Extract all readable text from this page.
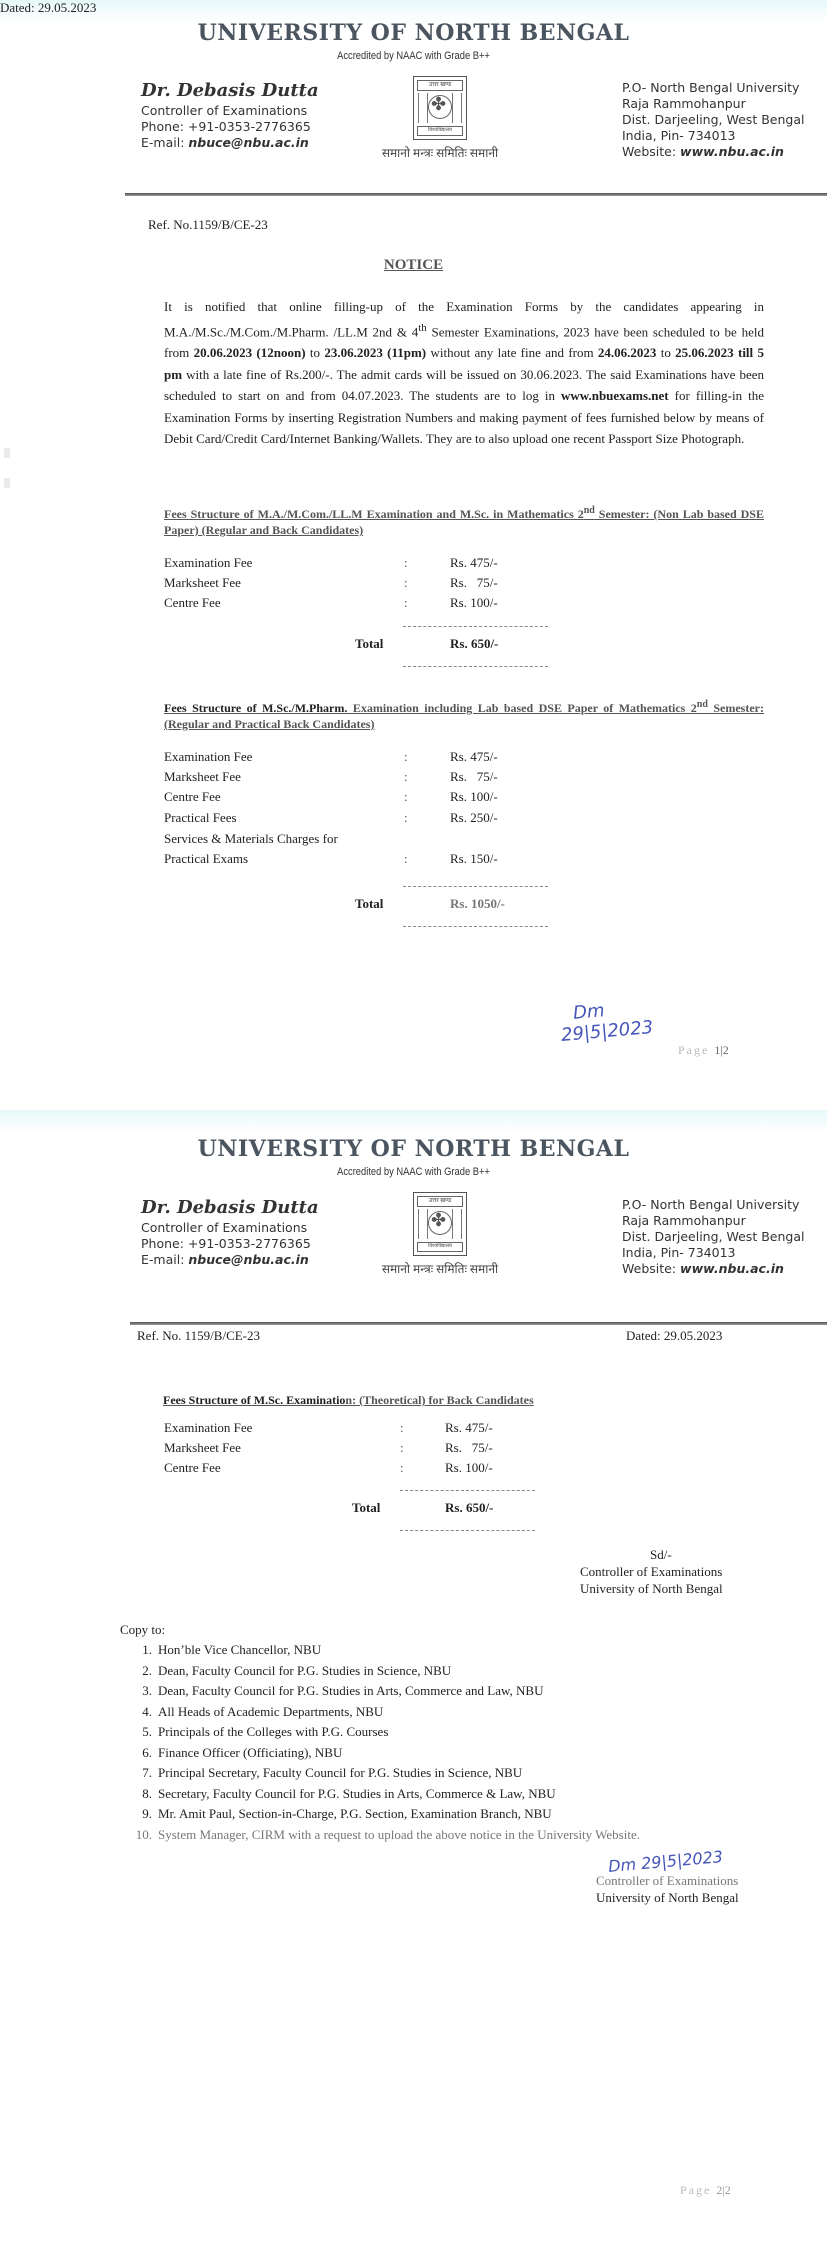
UNIVERSITY OF NORTH BENGAL
Accredited by NAAC with Grade B++
Dr. Debasis Dutta
Controller of Examinations
Phone: +91-0353-2776365
E-mail: nbuce@nbu.ac.in
उत्तर खण्ड
✤
विश्वविद्यालय
समानो मन्त्रः समितिः समानी
P.O- North Bengal University
Raja Rammohanpur
Dist. Darjeeling, West Bengal
India, Pin- 734013
Website: www.nbu.ac.in
Ref. No.1159/B/CE-23
Dated: 29.05.2023
NOTICE
It is notified that online filling-up of the Examination Forms by the candidates appearing in M.A./M.Sc./M.Com./M.Pharm. /LL.M 2nd & 4th Semester Examinations, 2023 have been scheduled to be held from 20.06.2023 (12noon) to 23.06.2023 (11pm) without any late fine and from 24.06.2023 to 25.06.2023 till 5 pm with a late fine of Rs.200/-. The admit cards will be issued on 30.06.2023. The said Examinations have been scheduled to start on and from 04.07.2023. The students are to log in www.nbuexams.net for filling-in the Examination Forms by inserting Registration Numbers and making payment of fees furnished below by means of Debit Card/Credit Card/Internet Banking/Wallets. They are to also upload one recent Passport Size Photograph.
Fees Structure of M.A./M.Com./LL.M Examination and M.Sc. in Mathematics 2nd Semester: (Non Lab based DSE Paper) (Regular and Back Candidates)
Examination Fee	:	Rs. 475/-
Marksheet Fee	:	Rs.   75/-
Centre Fee	:	Rs. 100/-
Total	Rs. 650/-
Fees Structure of M.Sc./M.Pharm. Examination including Lab based DSE Paper of Mathematics 2nd Semester: (Regular and Practical Back Candidates)
Examination Fee	:	Rs. 475/-
Marksheet Fee	:	Rs.   75/-
Centre Fee	:	Rs. 100/-
Practical Fees	:	Rs. 250/-
Services & Materials Charges for
Practical Exams	:	Rs. 150/-
Total	Rs. 1050/-
Dm
29|5|2023
Page 1|2
UNIVERSITY OF NORTH BENGAL
Accredited by NAAC with Grade B++
Dr. Debasis Dutta
Controller of Examinations
Phone: +91-0353-2776365
E-mail: nbuce@nbu.ac.in
उत्तर खण्ड
✤
विश्वविद्यालय
समानो मन्त्रः समितिः समानी
P.O- North Bengal University
Raja Rammohanpur
Dist. Darjeeling, West Bengal
India, Pin- 734013
Website: www.nbu.ac.in
Ref. No. 1159/B/CE-23	Dated: 29.05.2023
Fees Structure of M.Sc. Examination: (Theoretical) for Back Candidates
Examination Fee	:	Rs. 475/-
Marksheet Fee	:	Rs.   75/-
Centre Fee	:	Rs. 100/-
Total	Rs. 650/-
Sd/-
Controller of Examinations
University of North Bengal
Copy to:
1. Hon’ble Vice Chancellor, NBU
2. Dean, Faculty Council for P.G. Studies in Science, NBU
3. Dean, Faculty Council for P.G. Studies in Arts, Commerce and Law, NBU
4. All Heads of Academic Departments, NBU
5. Principals of the Colleges with P.G. Courses
6. Finance Officer (Officiating), NBU
7. Principal Secretary, Faculty Council for P.G. Studies in Science, NBU
8. Secretary, Faculty Council for P.G. Studies in Arts, Commerce & Law, NBU
9. Mr. Amit Paul, Section-in-Charge, P.G. Section, Examination Branch, NBU
10. System Manager, CIRM with a request to upload the above notice in the University Website.
Dm 29|5|2023
Controller of Examinations
University of North Bengal
Page 2|2
